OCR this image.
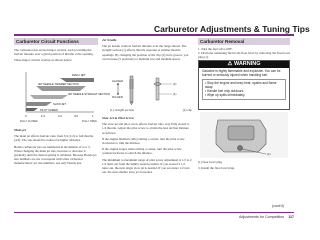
Carburetor Adjustments & Tuning Tips
Carburetor Circuit Functions

The carburetor has several major circuits, each providing the fuel/air mixture over a given portion of throttle valve opening.

These major circuits overlap as shown below.

MAIN JET
JET NEEDLE TAPERED SECTION
JET NEEDLE STRAIGHT SECTION
SLOW JET
PILOT SCREW
0	1/4	1/2	3/4	1
FULLY CLOSED	FULLY OPEN

Main jet

The main jet affects fuel/air ratio from 3/4 (1/2) to full throttle (4/4). The size should be reduced at higher altitudes.

Honda carburetor jets are numbered in increments of 2 or 3. When changing the main jet size, increase or decrease it gradually until the desired jetting is obtained. Because Honda jet size numbers are not correspond with other carburetor manufacturers' jet size numbers, use only Honda jets.

Jet Needle

The jet needle controls fuel/air mixture over the range shown. The straight section (1) affects throttle response at smaller throttle openings. By changing the position of the clip (2) in its groove, you can increase (5 positions) or medium low and medium speed.

LEANER
RICHER
(2)
(1)
(1) straight section	(2) clip

Slow Jet & Pilot Screw

The slow jet and pilot screw affects fuel/air ratio very fully closed to 1/4 throttle. Adjust the pilot screw to obtain the best air/fuel mixture as follows:

If the engine blubbers (idle) exiting a corner, turn the pilot screw clockwise to trim the mixture.

If the engine surges when exiting a corner, turn the pilot screw counterclockwise to enrich the mixture.

The minimum to maximum range of pilot screw adjustment is 1/2 to 2 1/2 turns out from the lightly seated position. If you exceed 2 1/2 turns out, the next larger slow jet is needed. If you are under 1/2 turn out, the next smaller slow jet is needed.

Carburetor Removal

1. Turn the fuel valve OFF.

2. Drain the remaining fuel in the float bowl by removing the float bowl plug (1).

⚠ WARNING
Gasoline is highly flammable and explosive. You can be burned or seriously injured when handling fuel.
• Stop the engine and keep heat, sparks and flame away.
• Handle fuel only outdoors.
• Wipe up spills immediately.
(1)

(1) float bowl plug

3. Install the float bowl plug.

(cont'd)
Adjustments for Competition 117
